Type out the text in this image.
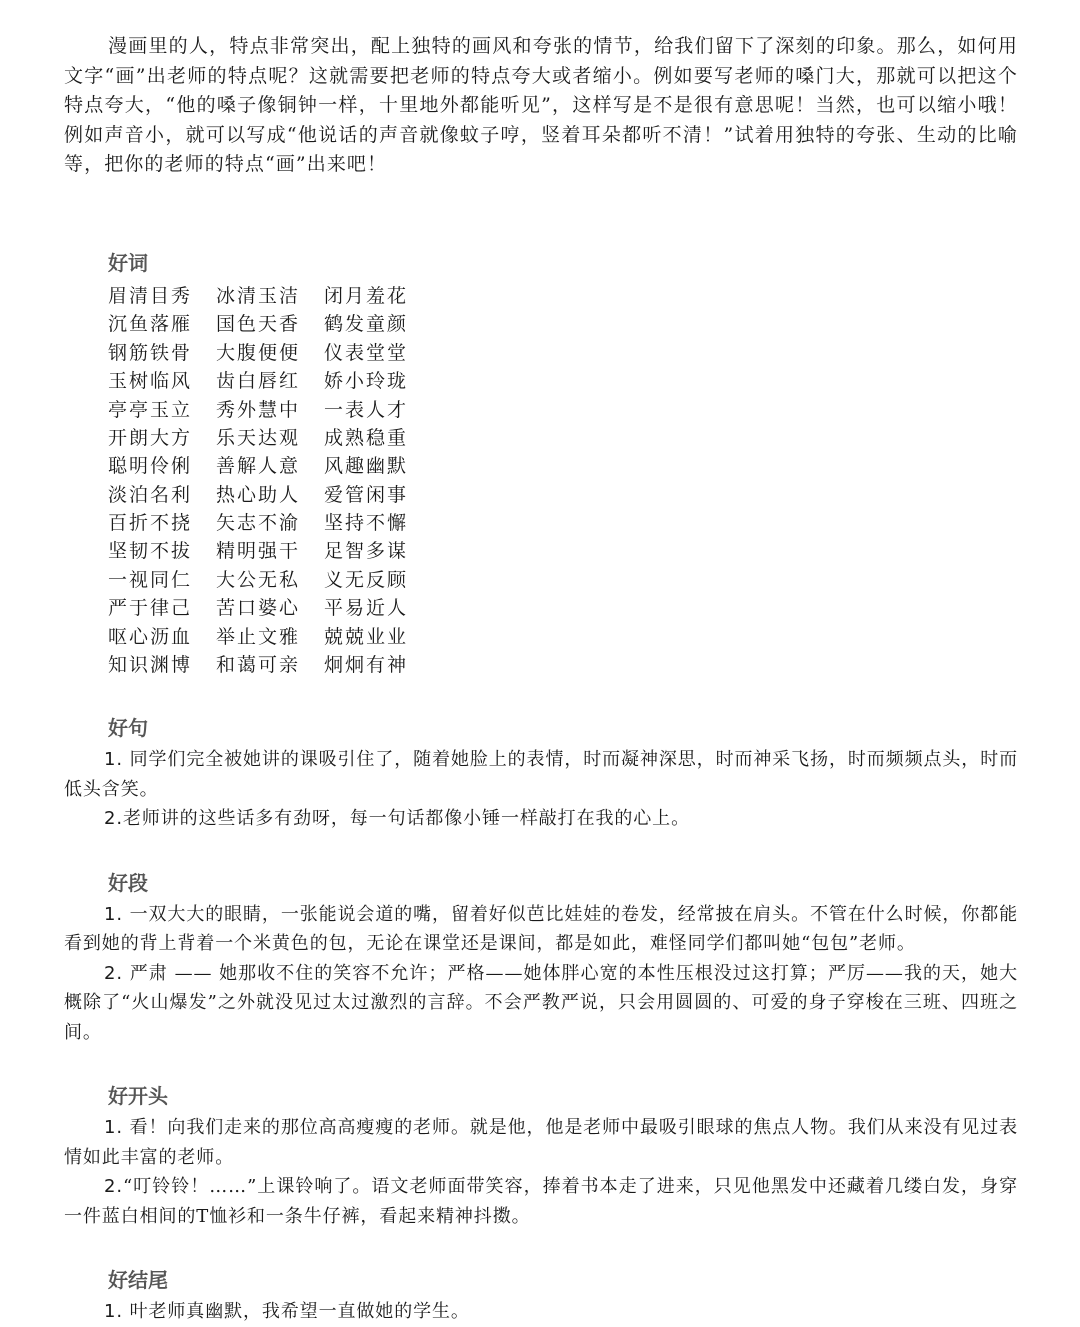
漫画里的人，特点非常突出，配上独特的画风和夸张的情节，给我们留下了深刻的印象。那么，如何用文字“画”出老师的特点呢？这就需要把老师的特点夸大或者缩小。例如要写老师的嗓门大，那就可以把这个特点夸大，“他的嗓子像铜钟一样，十里地外都能听见”，这样写是不是很有意思呢！当然，也可以缩小哦！例如声音小，就可以写成“他说话的声音就像蚊子哼，竖着耳朵都听不清！”试着用独特的夸张、生动的比喻等，把你的老师的特点“画”出来吧！

好词
眉清目秀	冰清玉洁	闭月羞花
沉鱼落雁	国色天香	鹤发童颜
钢筋铁骨	大腹便便	仪表堂堂
玉树临风	齿白唇红	娇小玲珑
亭亭玉立	秀外慧中	一表人才
开朗大方	乐天达观	成熟稳重
聪明伶俐	善解人意	风趣幽默
淡泊名利	热心助人	爱管闲事
百折不挠	矢志不渝	坚持不懈
坚韧不拔	精明强干	足智多谋
一视同仁	大公无私	义无反顾
严于律己	苦口婆心	平易近人
呕心沥血	举止文雅	兢兢业业
知识渊博	和蔼可亲	炯炯有神
好句

1. 同学们完全被她讲的课吸引住了，随着她脸上的表情，时而凝神深思，时而神采飞扬，时而频频点头，时而低头含笑。

2.老师讲的这些话多有劲呀，每一句话都像小锤一样敲打在我的心上。

好段

1. 一双大大的眼睛，一张能说会道的嘴，留着好似芭比娃娃的卷发，经常披在肩头。不管在什么时候，你都能看到她的背上背着一个米黄色的包，无论在课堂还是课间，都是如此，难怪同学们都叫她“包包”老师。

2. 严肃 —— 她那收不住的笑容不允许；严格——她体胖心宽的本性压根没过这打算；严厉——我的天，她大概除了“火山爆发”之外就没见过太过激烈的言辞。不会严教严说，只会用圆圆的、可爱的身子穿梭在三班、四班之间。

好开头

1. 看！向我们走来的那位高高瘦瘦的老师。就是他，他是老师中最吸引眼球的焦点人物。我们从来没有见过表情如此丰富的老师。

2.“叮铃铃！……”上课铃响了。语文老师面带笑容，捧着书本走了进来，只见他黑发中还藏着几缕白发，身穿一件蓝白相间的T恤衫和一条牛仔裤，看起来精神抖擞。

好结尾

1. 叶老师真幽默，我希望一直做她的学生。
